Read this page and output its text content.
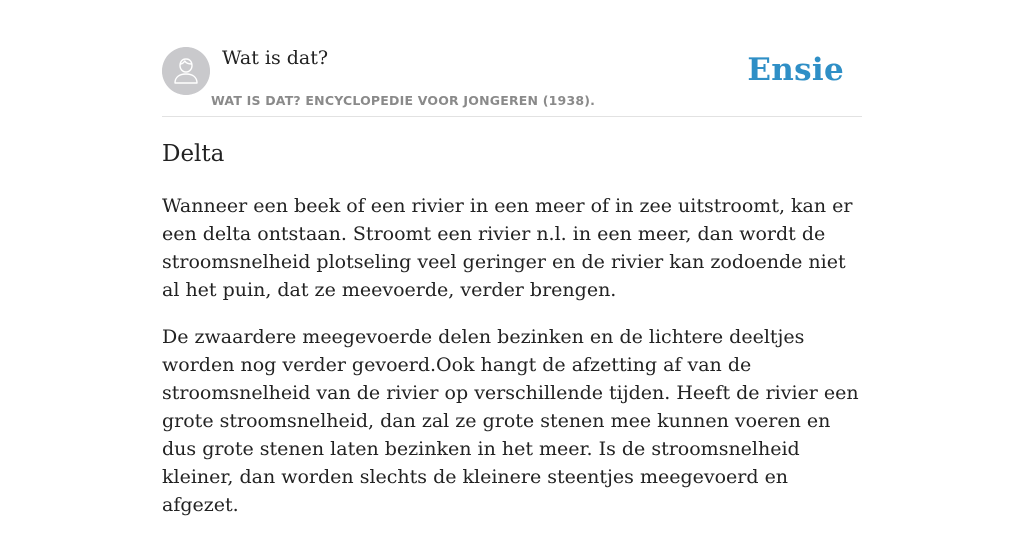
Wat is dat?
WAT IS DAT? ENCYCLOPEDIE VOOR JONGEREN (1938).
Ensie
Delta

Wanneer een beek of een rivier in een meer of in zee uitstroomt, kan er een delta ontstaan. Stroomt een rivier n.l. in een meer, dan wordt de stroomsnelheid plotseling veel geringer en de rivier kan zodoende niet al het puin, dat ze meevoerde, verder brengen.

De zwaardere meegevoerde delen bezinken en de lichtere deeltjes worden nog verder gevoerd.Ook hangt de afzetting af van de stroomsnelheid van de rivier op verschillende tijden. Heeft de rivier een grote stroomsnelheid, dan zal ze grote stenen mee kunnen voeren en dus grote stenen laten bezinken in het meer. Is de stroomsnelheid kleiner, dan worden slechts de kleinere steentjes meegevoerd en afgezet.
